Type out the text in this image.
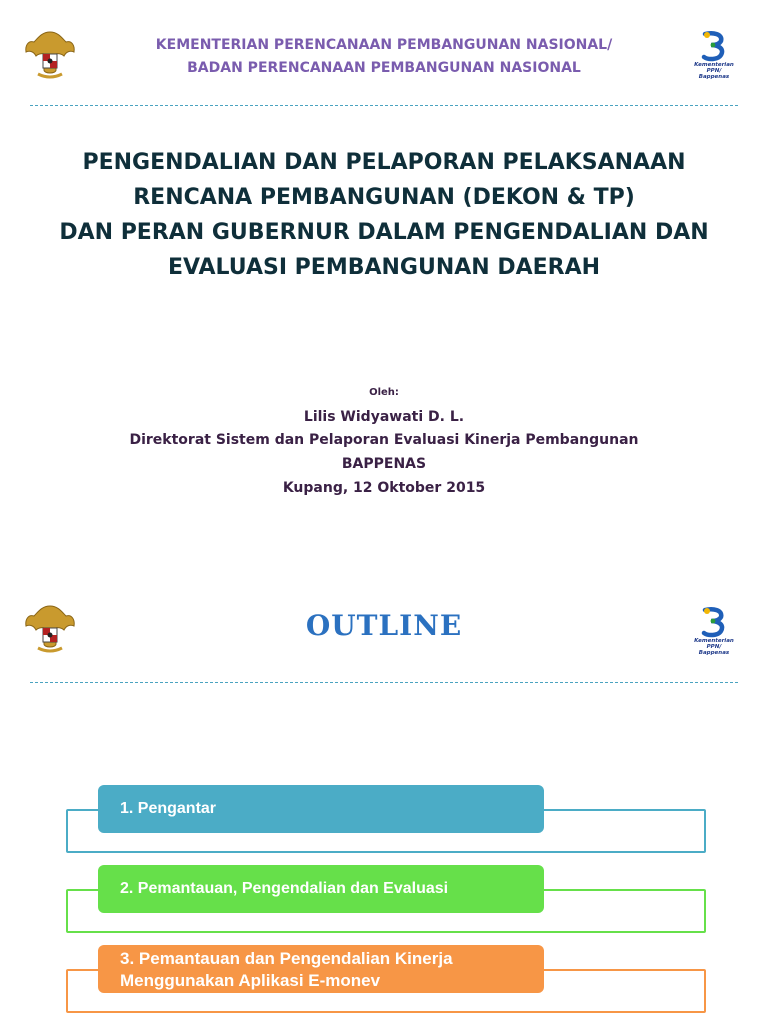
KEMENTERIAN PERENCANAAN PEMBANGUNAN NASIONAL/
BADAN PERENCANAAN PEMBANGUNAN NASIONAL	Kementerian PPN/
Bappenas
PENGENDALIAN DAN PELAPORAN PELAKSANAAN
RENCANA PEMBANGUNAN (DEKON & TP)
DAN PERAN GUBERNUR DALAM PENGENDALIAN DAN
EVALUASI PEMBANGUNAN DAERAH
Oleh:
Lilis Widyawati D. L.
Direktorat Sistem dan Pelaporan Evaluasi Kinerja Pembangunan
BAPPENAS
Kupang, 12 Oktober 2015
OUTLINE	Kementerian PPN/
Bappenas
1. Pengantar
2. Pemantauan, Pengendalian dan Evaluasi
3. Pemantauan dan Pengendalian Kinerja
Menggunakan Aplikasi E-monev
